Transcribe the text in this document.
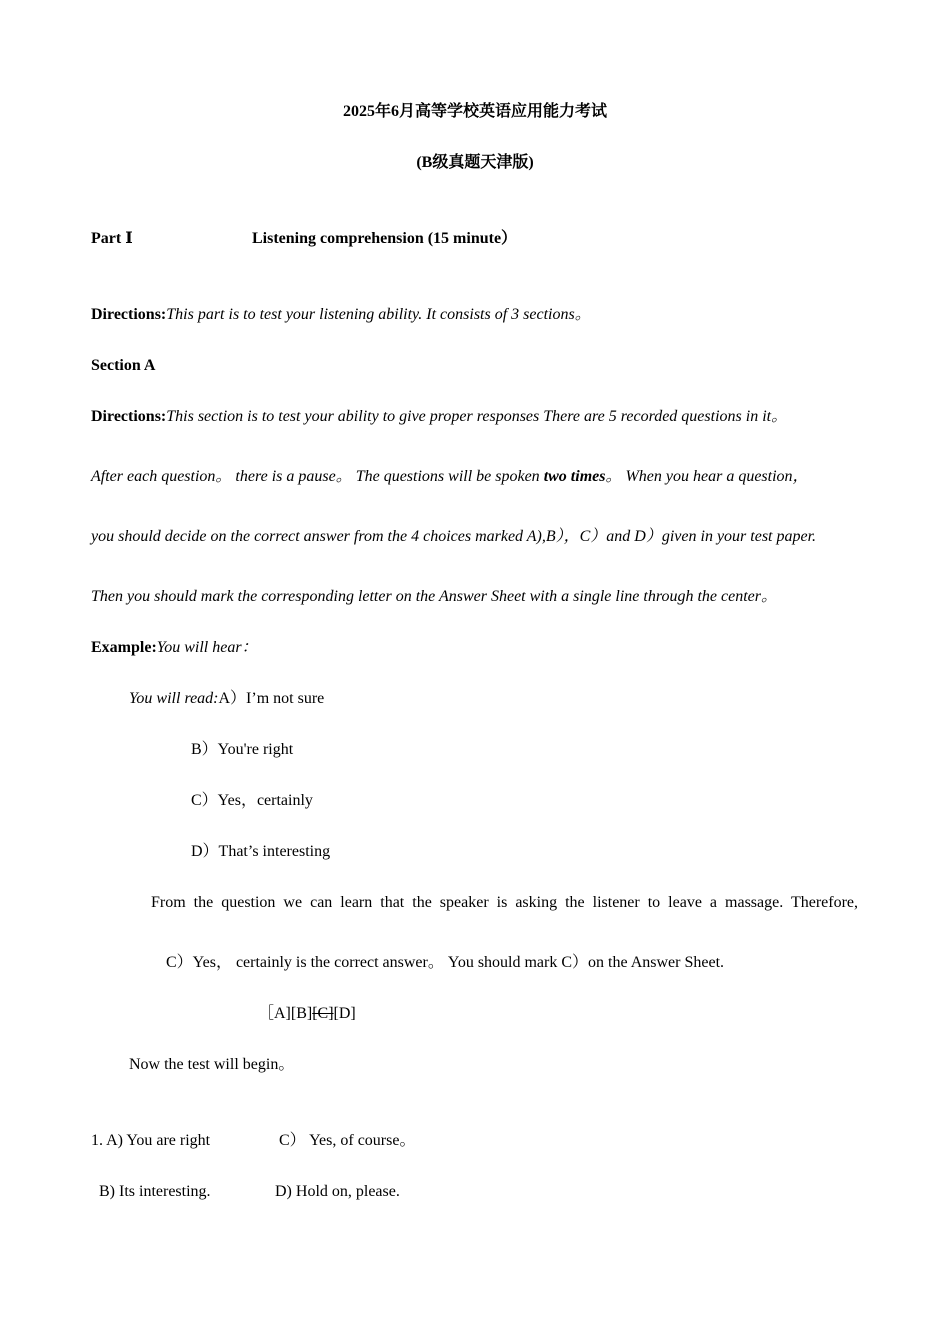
2025年6月高等学校英语应用能力考试
(B级真题天津版)
Part Ⅰ	Listening comprehension (15 minute）
Directions:This part is to test your listening ability. It consists of 3 sections。
Section A
Directions:This section is to test your ability to give proper responses There are 5 recorded questions in it。
After each question。 there is a pause。 The questions will be spoken two times。 When you hear a question，
you should decide on the correct answer from the 4 choices marked A),B），C）and D）given in your test paper.
Then you should mark the corresponding letter on the Answer Sheet with a single line through the center。
Example:You will hear：
You will read:A）I’m not sure
B）You're right
C）Yes，certainly
D）That’s interesting
From the question we can learn that the speaker is asking the listener to leave a massage. Therefore,
C）Yes， certainly is the correct answer。 You should mark C）on the Answer Sheet.
［A][B][C][D]
Now the test will begin。
1. A) You are right	C） Yes, of course。
B) Its interesting.	D) Hold on, please.
